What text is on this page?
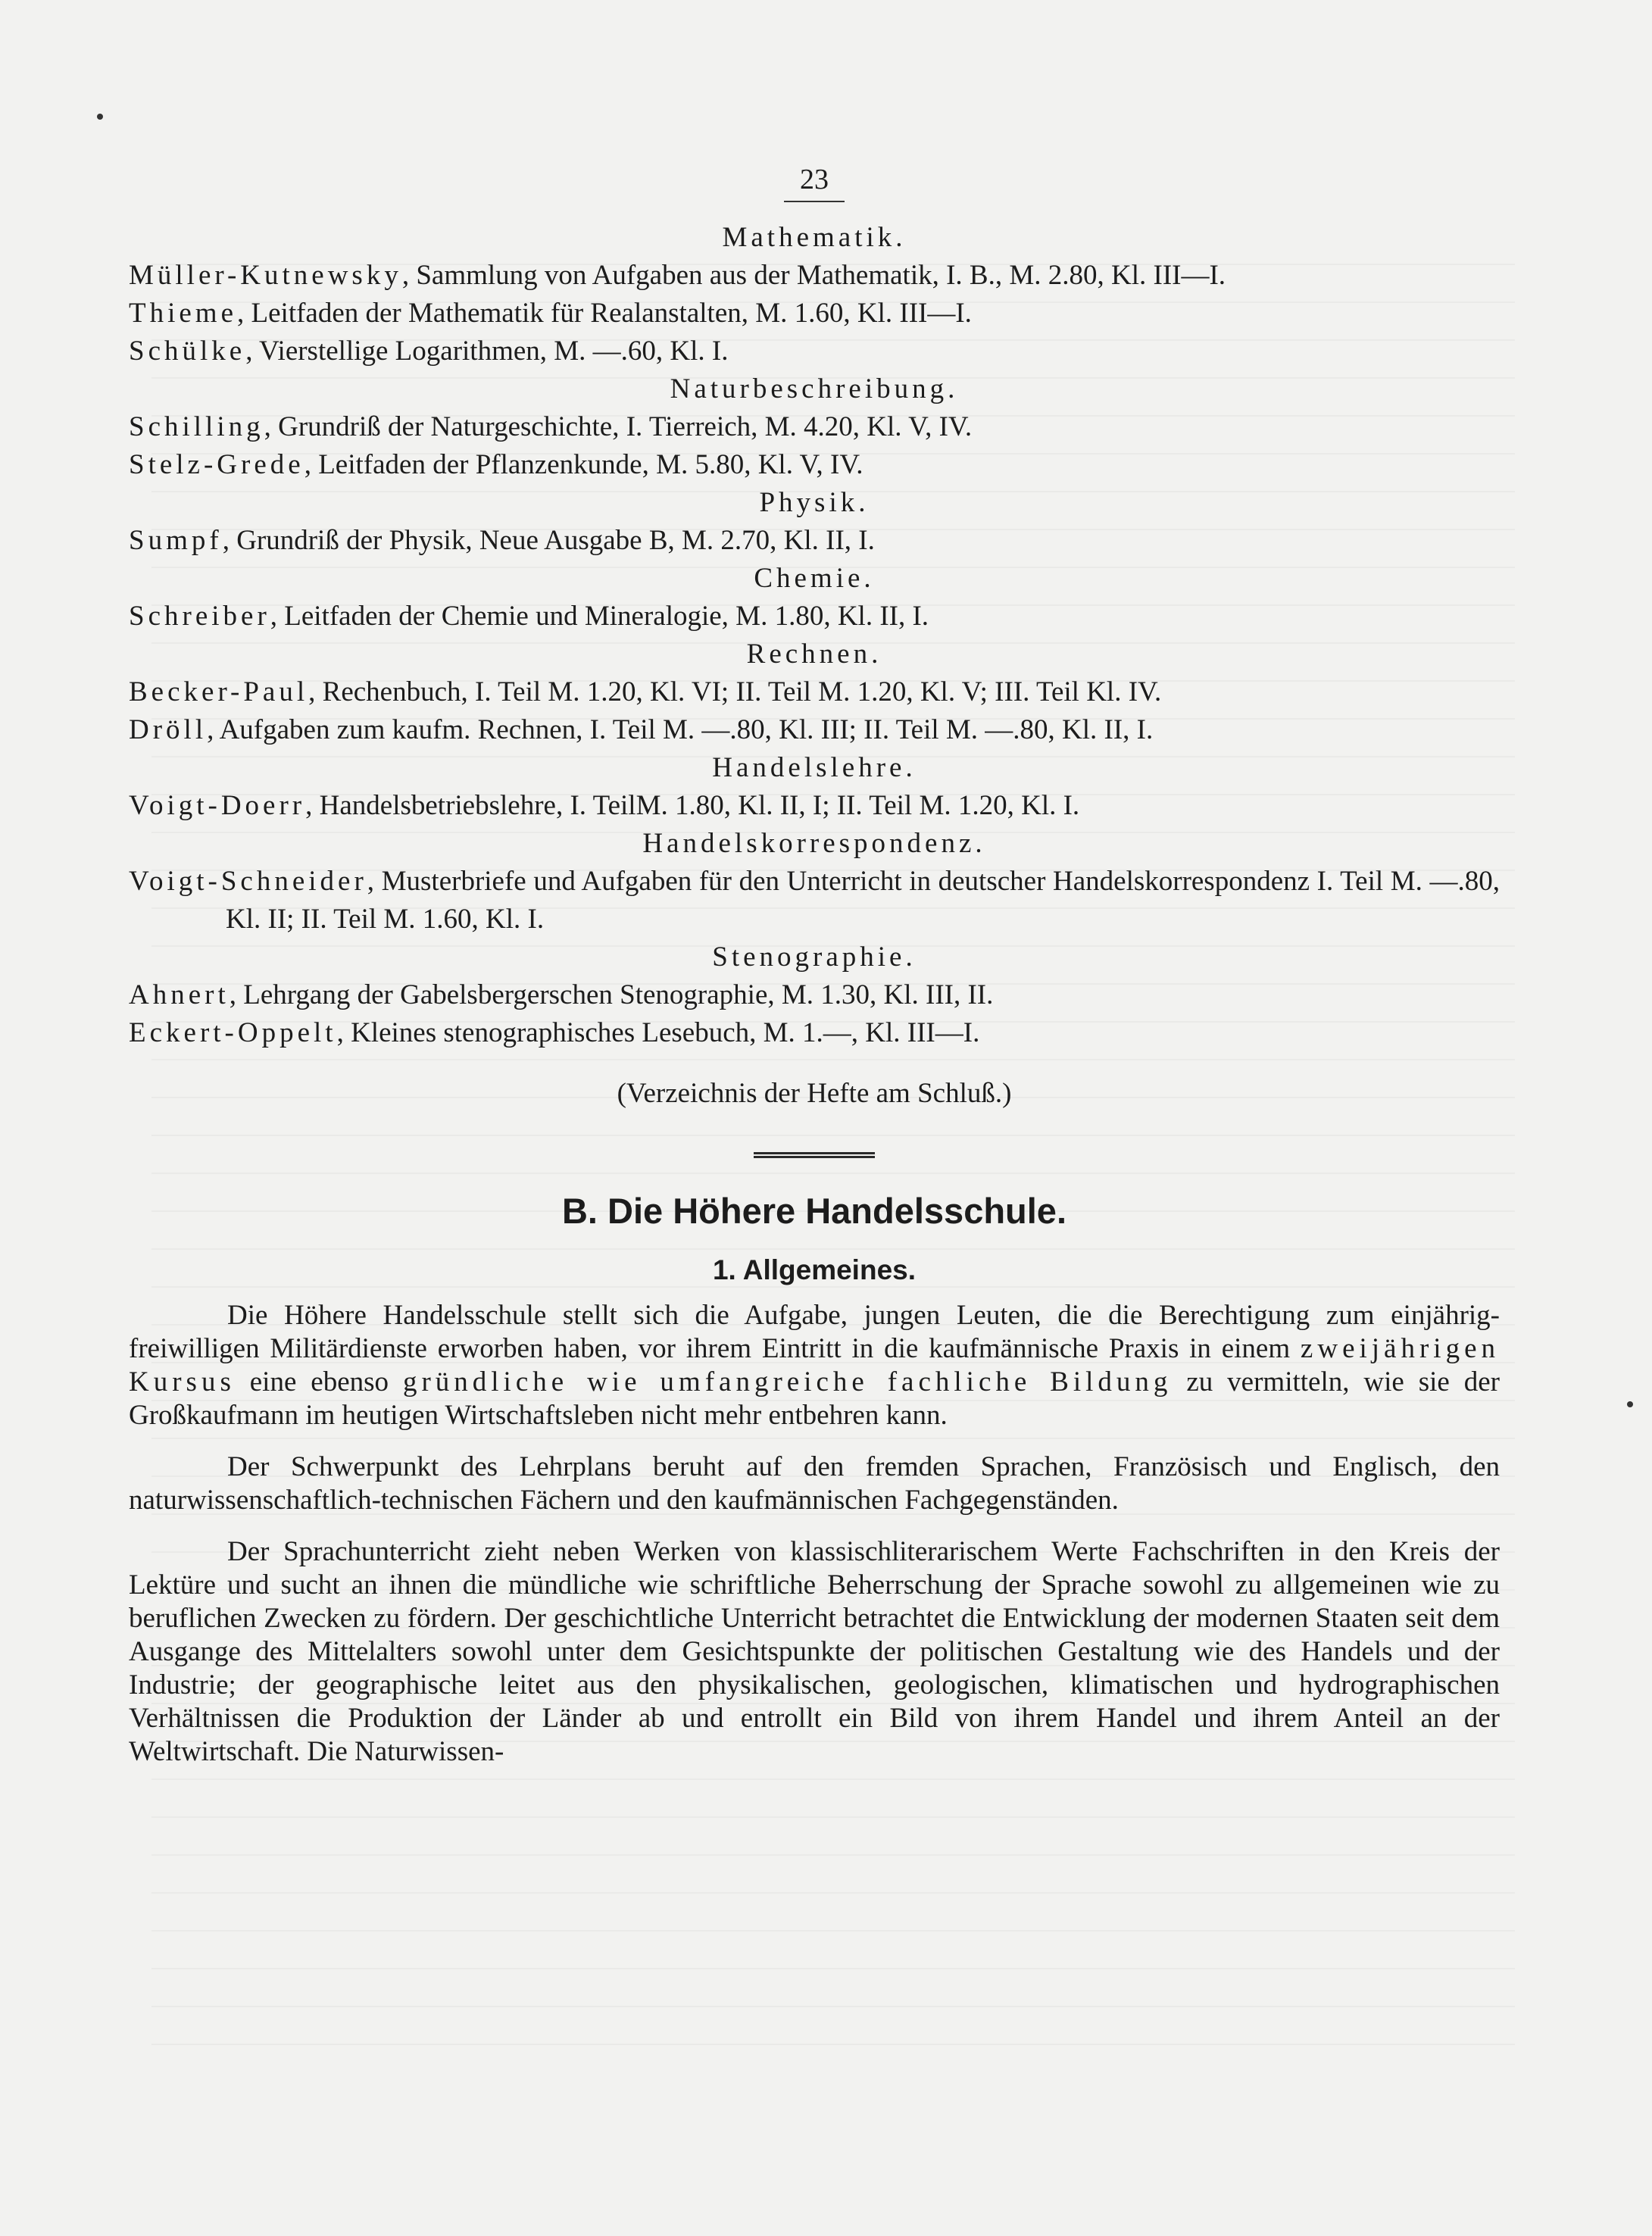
23
Mathematik.
Müller-Kutnewsky, Sammlung von Aufgaben aus der Mathematik, I. B., M. 2.80, Kl. III—I.
Thieme, Leitfaden der Mathematik für Realanstalten, M. 1.60, Kl. III—I.
Schülke, Vierstellige Logarithmen, M. —.60, Kl. I.
Naturbeschreibung.
Schilling, Grundriß der Naturgeschichte, I. Tierreich, M. 4.20, Kl. V, IV.
Stelz-Grede, Leitfaden der Pflanzenkunde, M. 5.80, Kl. V, IV.
Physik.
Sumpf, Grundriß der Physik, Neue Ausgabe B, M. 2.70, Kl. II, I.
Chemie.
Schreiber, Leitfaden der Chemie und Mineralogie, M. 1.80, Kl. II, I.
Rechnen.
Becker-Paul, Rechenbuch, I. Teil M. 1.20, Kl. VI; II. Teil M. 1.20, Kl. V; III. Teil Kl. IV.
Dröll, Aufgaben zum kaufm. Rechnen, I. Teil M. —.80, Kl. III; II. Teil M. —.80, Kl. II, I.
Handelslehre.
Voigt-Doerr, Handelsbetriebslehre, I. TeilM. 1.80, Kl. II, I; II. Teil M. 1.20, Kl. I.
Handelskorrespondenz.
Voigt-Schneider, Musterbriefe und Aufgaben für den Unterricht in deutscher Handelskorrespondenz I. Teil M. —.80, Kl. II; II. Teil M. 1.60, Kl. I.
Stenographie.
Ahnert, Lehrgang der Gabelsbergerschen Stenographie, M. 1.30, Kl. III, II.
Eckert-Oppelt, Kleines stenographisches Lesebuch, M. 1.—, Kl. III—I.
(Verzeichnis der Hefte am Schluß.)
B. Die Höhere Handelsschule.
1. Allgemeines.

Die Höhere Handelsschule stellt sich die Aufgabe, jungen Leuten, die die Berechtigung zum einjährig-freiwilligen Militärdienste erworben haben, vor ihrem Eintritt in die kaufmännische Praxis in einem zweijährigen Kursus eine ebenso gründliche wie umfangreiche fachliche Bildung zu vermitteln, wie sie der Großkaufmann im heutigen Wirtschaftsleben nicht mehr entbehren kann.

Der Schwerpunkt des Lehrplans beruht auf den fremden Sprachen, Französisch und Englisch, den naturwissenschaftlich-technischen Fächern und den kaufmännischen Fachgegenständen.

Der Sprachunterricht zieht neben Werken von klassischliterarischem Werte Fachschriften in den Kreis der Lektüre und sucht an ihnen die mündliche wie schriftliche Beherrschung der Sprache sowohl zu allgemeinen wie zu beruflichen Zwecken zu fördern. Der geschichtliche Unterricht betrachtet die Entwicklung der modernen Staaten seit dem Ausgange des Mittelalters sowohl unter dem Gesichtspunkte der politischen Gestaltung wie des Handels und der Industrie; der geographische leitet aus den physikalischen, geologischen, klimatischen und hydrographischen Verhältnissen die Produktion der Länder ab und entrollt ein Bild von ihrem Handel und ihrem Anteil an der Weltwirtschaft. Die Naturwissen-
